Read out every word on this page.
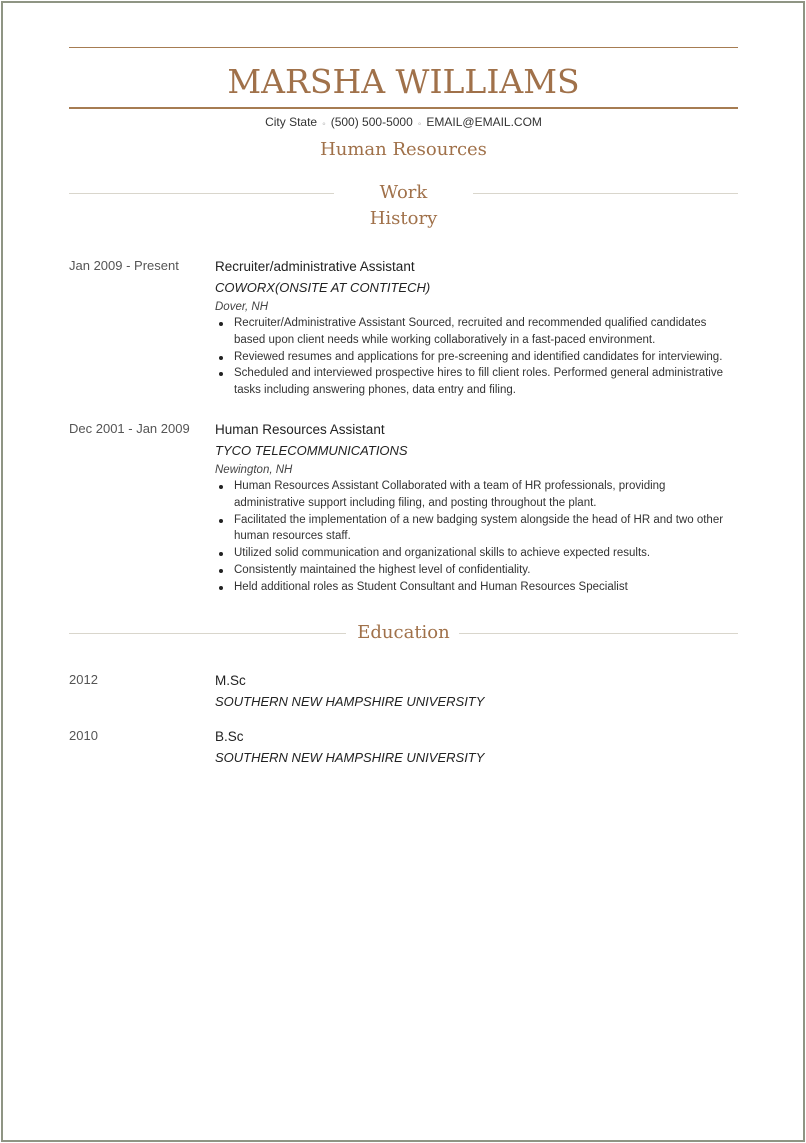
MARSHA WILLIAMS
City State $^\circ$ (500) 500-5000 $^\circ$ EMAIL@EMAIL.COM
Human Resources
Work
History
Jan 2009 - Present	Recruiter/administrative Assistant
COWORX(ONSITE AT CONTITECH)
Dover, NH
Recruiter/Administrative Assistant Sourced, recruited and recommended qualified candidates based upon client needs while working collaboratively in a fast-paced environment.
Reviewed resumes and applications for pre-screening and identified candidates for interviewing.
Scheduled and interviewed prospective hires to fill client roles. Performed general administrative tasks including answering phones, data entry and filing.
Dec 2001 - Jan 2009 Human Resources Assistant
TYCO TELECOMMUNICATIONS
Newington, NH
Human Resources Assistant Collaborated with a team of HR professionals, providing administrative support including filing, and posting throughout the plant.
Facilitated the implementation of a new badging system alongside the head of HR and two other human resources staff.
Utilized solid communication and organizational skills to achieve expected results.
Consistently maintained the highest level of confidentiality.
Held additional roles as Student Consultant and Human Resources Specialist
Education
2012	M.Sc
SOUTHERN NEW HAMPSHIRE UNIVERSITY
2010	B.Sc
SOUTHERN NEW HAMPSHIRE UNIVERSITY
